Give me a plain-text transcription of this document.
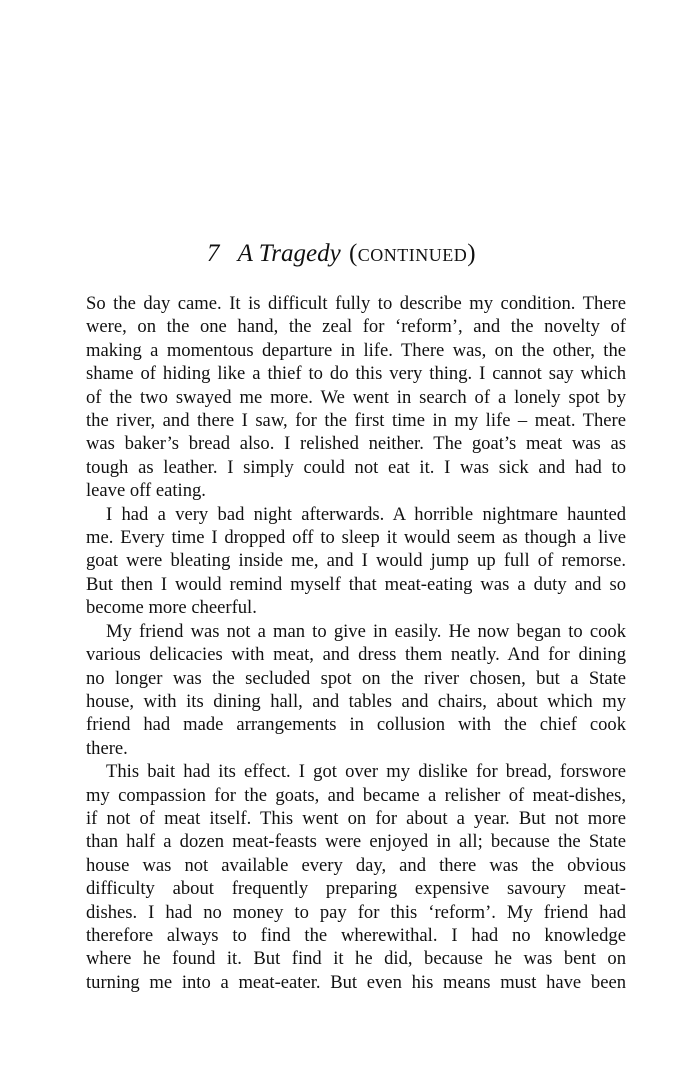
7 A Tragedy (continued)

So the day came. It is difficult fully to describe my condition. There
were, on the one hand, the zeal for ‘reform’, and the novelty of
making a momentous departure in life. There was, on the other, the
shame of hiding like a thief to do this very thing. I cannot say which
of the two swayed me more. We went in search of a lonely spot by
the river, and there I saw, for the first time in my life – meat. There
was baker’s bread also. I relished neither. The goat’s meat was as
tough as leather. I simply could not eat it. I was sick and had to
leave off eating.

I had a very bad night afterwards. A horrible nightmare haunted
me. Every time I dropped off to sleep it would seem as though a live
goat were bleating inside me, and I would jump up full of remorse.
But then I would remind myself that meat-eating was a duty and so
become more cheerful.

My friend was not a man to give in easily. He now began to cook
various delicacies with meat, and dress them neatly. And for dining
no longer was the secluded spot on the river chosen, but a State
house, with its dining hall, and tables and chairs, about which my
friend had made arrangements in collusion with the chief cook
there.

This bait had its effect. I got over my dislike for bread, forswore
my compassion for the goats, and became a relisher of meat-dishes,
if not of meat itself. This went on for about a year. But not more
than half a dozen meat-feasts were enjoyed in all; because the State
house was not available every day, and there was the obvious
difficulty about frequently preparing expensive savoury meat-
dishes. I had no money to pay for this ‘reform’. My friend had
therefore always to find the wherewithal. I had no knowledge
where he found it. But find it he did, because he was bent on
turning me into a meat-eater. But even his means must have been
